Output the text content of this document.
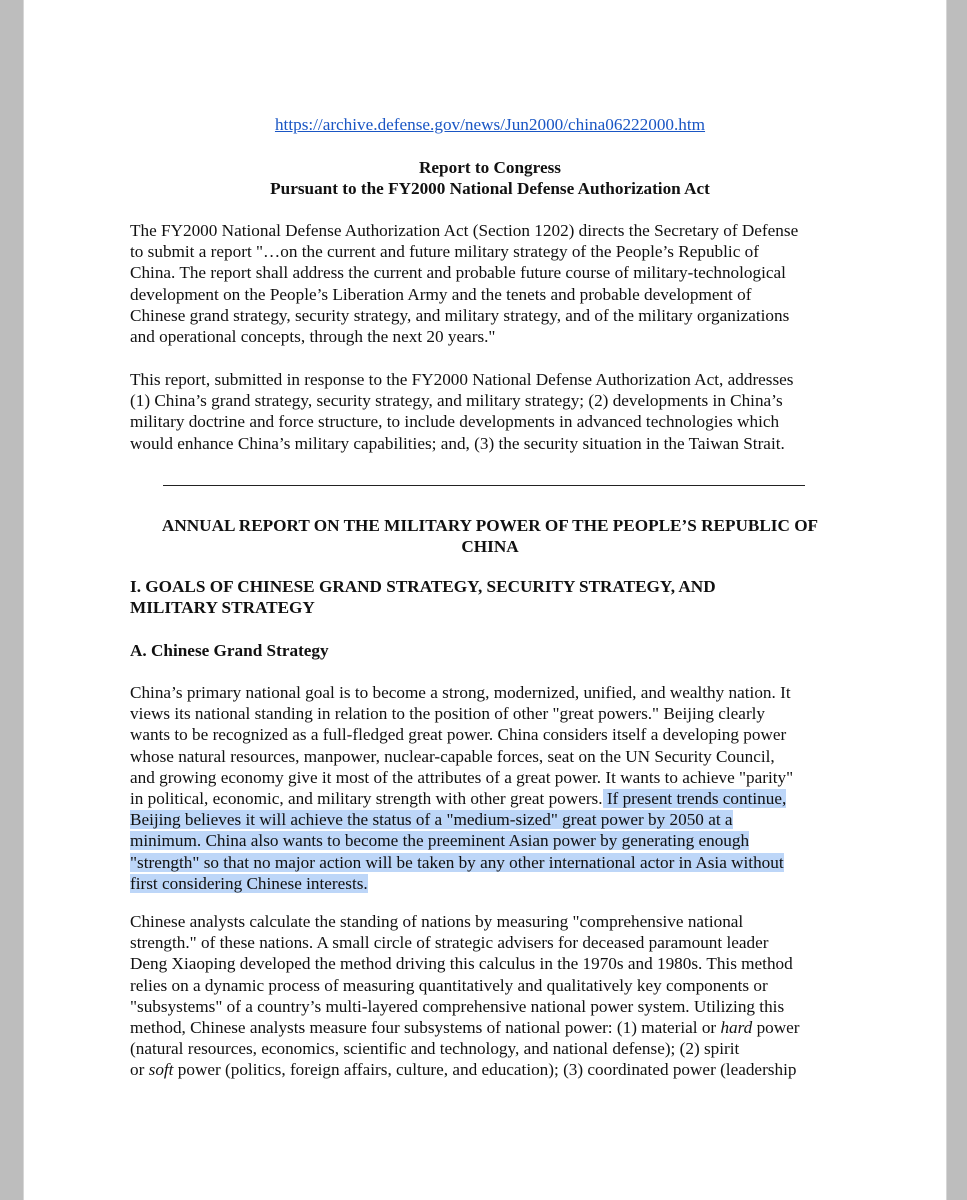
https://archive.defense.gov/news/Jun2000/china06222000.htm
Report to Congress
Pursuant to the FY2000 National Defense Authorization Act
The FY2000 National Defense Authorization Act (Section 1202) directs the Secretary of Defense
to submit a report "…on the current and future military strategy of the People’s Republic of
China. The report shall address the current and probable future course of military-technological
development on the People’s Liberation Army and the tenets and probable development of
Chinese grand strategy, security strategy, and military strategy, and of the military organizations
and operational concepts, through the next 20 years."
This report, submitted in response to the FY2000 National Defense Authorization Act, addresses
(1) China’s grand strategy, security strategy, and military strategy; (2) developments in China’s
military doctrine and force structure, to include developments in advanced technologies which
would enhance China’s military capabilities; and, (3) the security situation in the Taiwan Strait.
ANNUAL REPORT ON THE MILITARY POWER OF THE PEOPLE’S REPUBLIC OF
CHINA
I. GOALS OF CHINESE GRAND STRATEGY, SECURITY STRATEGY, AND
MILITARY STRATEGY
A. Chinese Grand Strategy
China’s primary national goal is to become a strong, modernized, unified, and wealthy nation. It
views its national standing in relation to the position of other "great powers." Beijing clearly
wants to be recognized as a full-fledged great power. China considers itself a developing power
whose natural resources, manpower, nuclear-capable forces, seat on the UN Security Council,
and growing economy give it most of the attributes of a great power. It wants to achieve "parity"
in political, economic, and military strength with other great powers. If present trends continue,
Beijing believes it will achieve the status of a "medium-sized" great power by 2050 at a
minimum. China also wants to become the preeminent Asian power by generating enough
"strength" so that no major action will be taken by any other international actor in Asia without
first considering Chinese interests.
Chinese analysts calculate the standing of nations by measuring "comprehensive national
strength." of these nations. A small circle of strategic advisers for deceased paramount leader
Deng Xiaoping developed the method driving this calculus in the 1970s and 1980s. This method
relies on a dynamic process of measuring quantitatively and qualitatively key components or
"subsystems" of a country’s multi-layered comprehensive national power system. Utilizing this
method, Chinese analysts measure four subsystems of national power: (1) material or hard power
(natural resources, economics, scientific and technology, and national defense); (2) spirit
or soft power (politics, foreign affairs, culture, and education); (3) coordinated power (leadership
